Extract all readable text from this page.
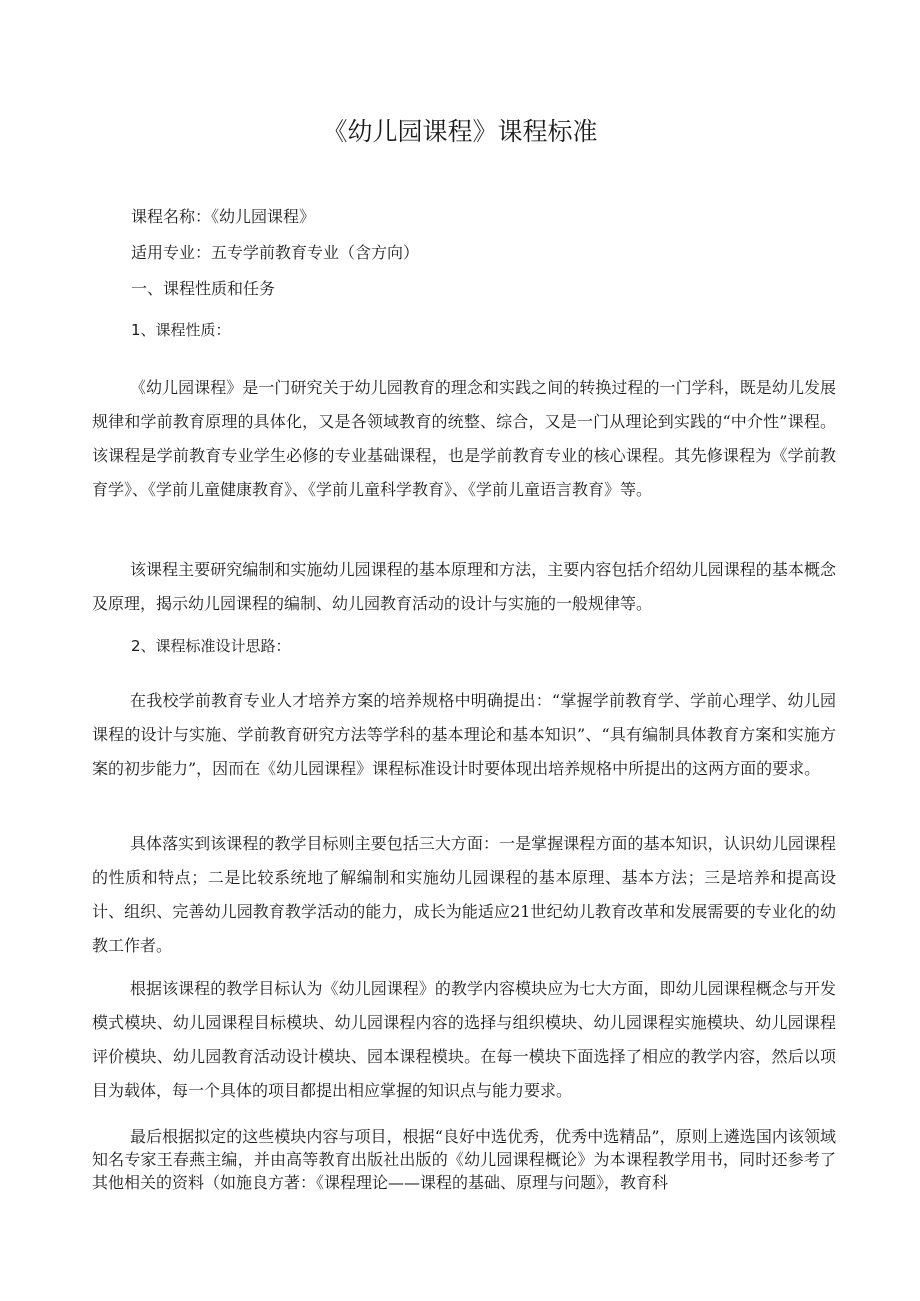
《幼儿园课程》课程标准

课程名称：《幼儿园课程》

适用专业：五专学前教育专业（含方向）

一、课程性质和任务

1、课程性质：

《幼儿园课程》是一门研究关于幼儿园教育的理念和实践之间的转换过程的一门学科，既是幼儿发展规律和学前教育原理的具体化，又是各领域教育的统整、综合，又是一门从理论到实践的“中介性”课程。该课程是学前教育专业学生必修的专业基础课程，也是学前教育专业的核心课程。其先修课程为《学前教育学》、《学前儿童健康教育》、《学前儿童科学教育》、《学前儿童语言教育》等。

该课程主要研究编制和实施幼儿园课程的基本原理和方法，主要内容包括介绍幼儿园课程的基本概念及原理，揭示幼儿园课程的编制、幼儿园教育活动的设计与实施的一般规律等。

2、课程标准设计思路：

在我校学前教育专业人才培养方案的培养规格中明确提出：“掌握学前教育学、学前心理学、幼儿园课程的设计与实施、学前教育研究方法等学科的基本理论和基本知识”、“具有编制具体教育方案和实施方案的初步能力”，因而在《幼儿园课程》课程标准设计时要体现出培养规格中所提出的这两方面的要求。

具体落实到该课程的教学目标则主要包括三大方面：一是掌握课程方面的基本知识，认识幼儿园课程的性质和特点；二是比较系统地了解编制和实施幼儿园课程的基本原理、基本方法；三是培养和提高设计、组织、完善幼儿园教育教学活动的能力，成长为能适应21世纪幼儿教育改革和发展需要的专业化的幼教工作者。

根据该课程的教学目标认为《幼儿园课程》的教学内容模块应为七大方面，即幼儿园课程概念与开发模式模块、幼儿园课程目标模块、幼儿园课程内容的选择与组织模块、幼儿园课程实施模块、幼儿园课程评价模块、幼儿园教育活动设计模块、园本课程模块。在每一模块下面选择了相应的教学内容，然后以项目为载体，每一个具体的项目都提出相应掌握的知识点与能力要求。

最后根据拟定的这些模块内容与项目，根据“良好中选优秀，优秀中选精品”，原则上遴选国内该领域知名专家王春燕主编，并由高等教育出版社出版的《幼儿园课程概论》为本课程教学用书，同时还参考了其他相关的资料（如施良方著：《课程理论——课程的基础、原理与问题》，教育科
